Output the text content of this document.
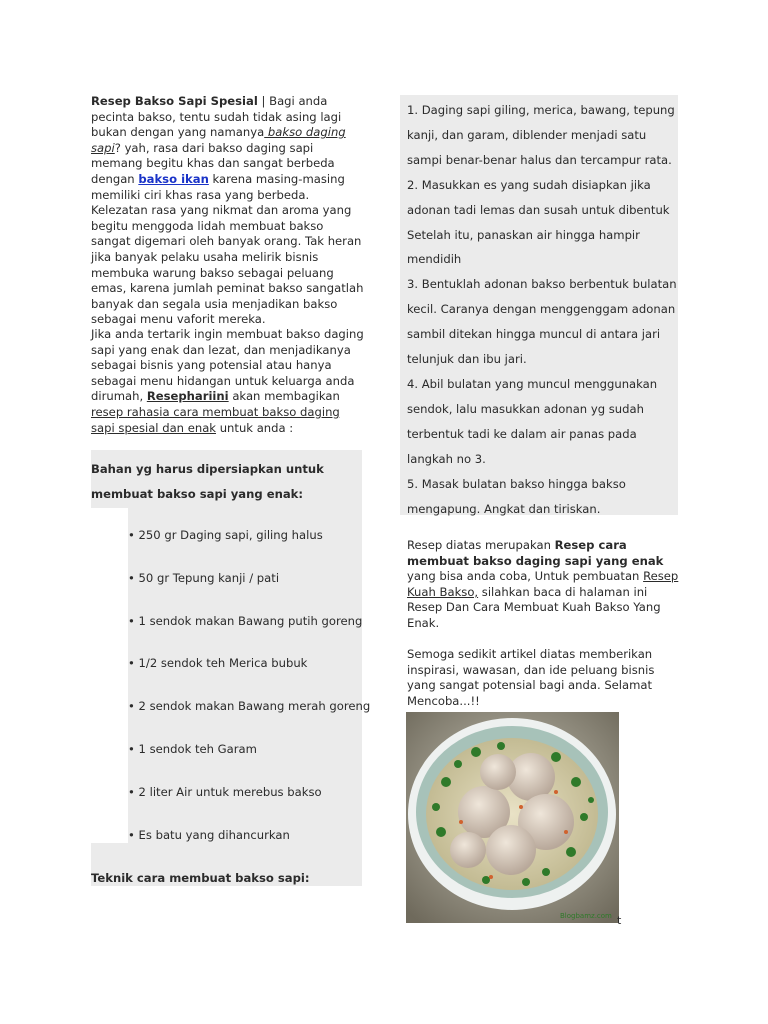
Resep Bakso Sapi Spesial | Bagi anda pecinta bakso, tentu sudah tidak asing lagi bukan dengan yang namanya bakso daging sapi? yah, rasa dari bakso daging sapi memang begitu khas dan sangat berbeda dengan bakso ikan karena masing-masing memiliki ciri khas rasa yang berbeda. Kelezatan rasa yang nikmat dan aroma yang begitu menggoda lidah membuat bakso sangat digemari oleh banyak orang. Tak heran jika banyak pelaku usaha melirik bisnis membuka warung bakso sebagai peluang emas, karena jumlah peminat bakso sangatlah banyak dan segala usia menjadikan bakso sebagai menu vaforit mereka.
Jika anda tertarik ingin membuat bakso daging sapi yang enak dan lezat, dan menjadikanya sebagai bisnis yang potensial atau hanya sebagai menu hidangan untuk keluarga anda dirumah, Resephariini akan membagikan resep rahasia cara membuat bakso daging sapi spesial dan enak untuk anda :
Bahan yg harus dipersiapkan untuk membuat bakso sapi yang enak:
• 250 gr Daging sapi, giling halus
• 50 gr Tepung kanji / pati
• 1 sendok makan Bawang putih goreng
• 1/2 sendok teh Merica bubuk
• 2 sendok makan Bawang merah goreng
• 1 sendok teh Garam
• 2 liter Air untuk merebus bakso
• Es batu yang dihancurkan
Teknik cara membuat bakso sapi:
1. Daging sapi giling, merica, bawang, tepung kanji, dan garam, diblender menjadi satu sampi benar-benar halus dan tercampur rata.
2. Masukkan es yang sudah disiapkan jika adonan tadi lemas dan susah untuk dibentuk Setelah itu, panaskan air hingga hampir mendidih
3. Bentuklah adonan bakso berbentuk bulatan kecil. Caranya dengan menggenggam adonan sambil ditekan hingga muncul di antara jari telunjuk dan ibu jari.
4. Abil bulatan yang muncul menggunakan sendok, lalu masukkan adonan yg sudah terbentuk tadi ke dalam air panas pada langkah no 3.
5. Masak bulatan bakso hingga bakso mengapung. Angkat dan tiriskan.
Resep diatas merupakan Resep cara membuat bakso daging sapi yang enak yang bisa anda coba, Untuk pembuatan Resep Kuah Bakso, silahkan baca di halaman ini Resep Dan Cara Membuat Kuah Bakso Yang Enak.
Semoga sedikit artikel diatas memberikan inspirasi, wawasan, dan ide peluang bisnis yang sangat potensial bagi anda. Selamat Mencoba...!!
Blogbamz.com t
